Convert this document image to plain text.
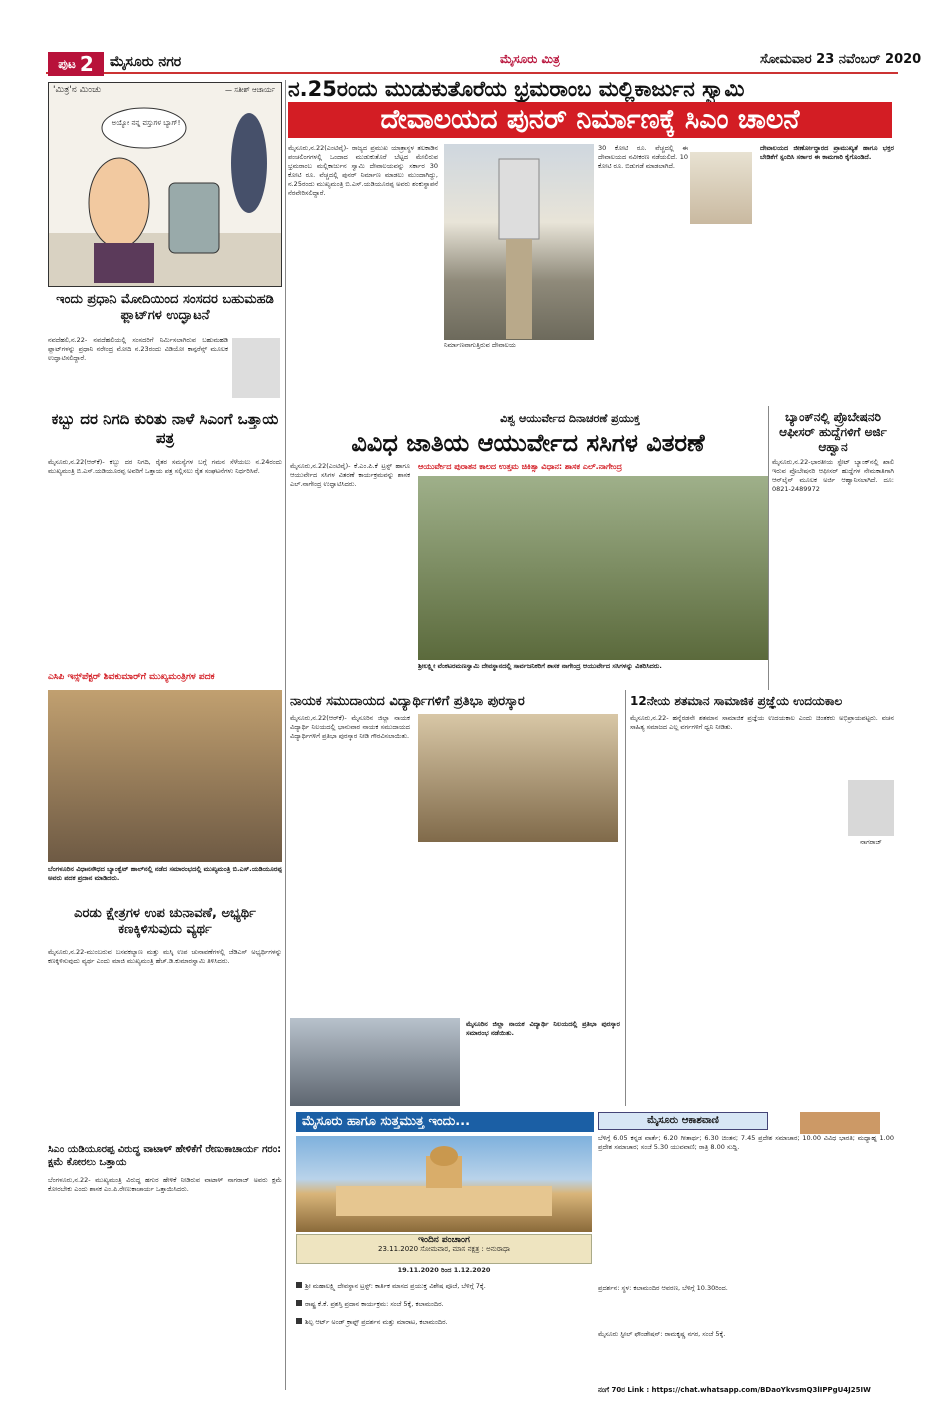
ಪುಟ 2 ಮೈಸೂರು ನಗರ	ಮೈಸೂರು ಮಿತ್ರ	ಸೋಮವಾರ 23 ನವೆಂಬರ್ 2020
'ಮಿತ್ರ'ನ ಮಿಂಚು	— ಸತೀಶ್ ಆಚಾರ್ಯ
ಅಯ್ಯೋ ನನ್ನ ವಸ್ತುಗಳ ಬ್ಯಾಗ್!
ನ.25ರಂದು ಮುಡುಕುತೊರೆಯ ಭ್ರಮರಾಂಬ ಮಲ್ಲಿಕಾರ್ಜುನ ಸ್ವಾಮಿ
ದೇವಾಲಯದ ಪುನರ್ ನಿರ್ಮಾಣಕ್ಕೆ ಸಿಎಂ ಚಾಲನೆ
ಮೈಸೂರು,ನ.22(ಎಂಟಿವೈ)- ರಾಜ್ಯದ ಪ್ರಮುಖ ಯಾತ್ರಾಸ್ಥಳ ತಲಕಾಡಿನ ಪಂಚಲಿಂಗಗಳಲ್ಲಿ ಒಂದಾದ ಮುಡುಕುತೊರೆ ಬೆಟ್ಟದ ಮೇಲಿರುವ ಭ್ರಮರಾಂಬ ಮಲ್ಲಿಕಾರ್ಜುನ ಸ್ವಾಮಿ ದೇವಾಲಯವನ್ನು ಸರ್ಕಾರ 30 ಕೋಟಿ ರೂ. ವೆಚ್ಚದಲ್ಲಿ ಪುನರ್ ನಿರ್ಮಾಣ ಮಾಡಲು ಮುಂದಾಗಿದ್ದು, ನ.25ರಂದು ಮುಖ್ಯಮಂತ್ರಿ ಬಿ.ಎಸ್.ಯಡಿಯೂರಪ್ಪ ಅವರು ಶಂಕುಸ್ಥಾಪನೆ ನೆರವೇರಿಸಲಿದ್ದಾರೆ.
ನಿರ್ಮಾಣವಾಗುತ್ತಿರುವ ದೇವಾಲಯ
30 ಕೋಟಿ ರೂ. ವೆಚ್ಚದಲ್ಲಿ ಈ ದೇವಾಲಯದ ನವೀಕರಣ ನಡೆಯಲಿದೆ. 10 ಕೋಟಿ ರೂ. ಬಿಡುಗಡೆ ಮಾಡಲಾಗಿದೆ.
ದೇವಾಲಯದ ಜೀರ್ಣೋದ್ಧಾರದ ಪ್ರಾಮುಖ್ಯತೆ ಹಾಗೂ ಭಕ್ತರ ಬೇಡಿಕೆಗೆ ಸ್ಪಂದಿಸಿ ಸರ್ಕಾರ ಈ ಕಾಮಗಾರಿ ಕೈಗೊಂಡಿದೆ.
ಇಂದು ಪ್ರಧಾನಿ ಮೋದಿಯಿಂದ ಸಂಸದರ ಬಹುಮಹಡಿ ಫ್ಲಾಟ್‌ಗಳ ಉದ್ಘಾಟನೆ
ನವದೆಹಲಿ,ನ.22- ನವದೆಹಲಿಯಲ್ಲಿ ಸಂಸದರಿಗೆ ನಿರ್ಮಿಸಲಾಗಿರುವ ಬಹುಮಹಡಿ ಫ್ಲಾಟ್‌ಗಳನ್ನು ಪ್ರಧಾನಿ ನರೇಂದ್ರ ಮೋದಿ ನ.23ರಂದು ವಿಡಿಯೋ ಕಾನ್ಫರೆನ್ಸ್ ಮೂಲಕ ಉದ್ಘಾಟಿಸಲಿದ್ದಾರೆ.
ಕಬ್ಬು ದರ ನಿಗದಿ ಕುರಿತು ನಾಳೆ ಸಿಎಂಗೆ ಒತ್ತಾಯ ಪತ್ರ
ಮೈಸೂರು,ನ.22(ಆರ್‌ಕೆ)- ಕಬ್ಬು ದರ ನಿಗದಿ, ರೈತರ ಸಮಸ್ಯೆಗಳ ಬಗ್ಗೆ ಗಮನ ಸೆಳೆಯಲು ನ.24ರಂದು ಮುಖ್ಯಮಂತ್ರಿ ಬಿ.ಎಸ್.ಯಡಿಯೂರಪ್ಪ ಅವರಿಗೆ ಒತ್ತಾಯ ಪತ್ರ ಸಲ್ಲಿಸಲು ರೈತ ಸಂಘಟನೆಗಳು ನಿರ್ಧರಿಸಿವೆ.
ಎಸಿಪಿ ಇನ್ಸ್‌ಪೆಕ್ಟರ್ ಶಿವಕುಮಾರ್‌ಗೆ ಮುಖ್ಯಮಂತ್ರಿಗಳ ಪದಕ
ಬೆಂಗಳೂರಿನ ವಿಧಾನಸೌಧದ ಬ್ಯಾಂಕ್ವೆಟ್ ಹಾಲ್‌ನಲ್ಲಿ ನಡೆದ ಸಮಾರಂಭದಲ್ಲಿ ಮುಖ್ಯಮಂತ್ರಿ ಬಿ.ಎಸ್.ಯಡಿಯೂರಪ್ಪ ಅವರು ಪದಕ ಪ್ರದಾನ ಮಾಡಿದರು.
ಎರಡು ಕ್ಷೇತ್ರಗಳ ಉಪ ಚುನಾವಣೆ, ಅಭ್ಯರ್ಥಿ ಕಣಕ್ಕಿಳಿಸುವುದು ವ್ಯರ್ಥ
ಮೈಸೂರು,ನ.22-ಮುಂಬರುವ ಬಸವಕಲ್ಯಾಣ ಮತ್ತು ಮಸ್ಕಿ ಉಪ ಚುನಾವಣೆಗಳಲ್ಲಿ ಜೆಡಿಎಸ್ ಅಭ್ಯರ್ಥಿಗಳನ್ನು ಕಣಕ್ಕಿಳಿಸುವುದು ವ್ಯರ್ಥ ಎಂದು ಮಾಜಿ ಮುಖ್ಯಮಂತ್ರಿ ಹೆಚ್.ಡಿ.ಕುಮಾರಸ್ವಾಮಿ ತಿಳಿಸಿದರು.
ಸಿಎಂ ಯಡಿಯೂರಪ್ಪ ವಿರುದ್ಧ ವಾಟಾಳ್ ಹೇಳಿಕೆಗೆ ರೇಣುಕಾಚಾರ್ಯ ಗರಂ: ಕ್ಷಮೆ ಕೋರಲು ಒತ್ತಾಯ
ಬೆಂಗಳೂರು,ನ.22- ಮುಖ್ಯಮಂತ್ರಿ ವಿರುದ್ಧ ಹಗುರ ಹೇಳಿಕೆ ನೀಡಿರುವ ವಾಟಾಳ್ ನಾಗರಾಜ್ ಅವರು ಕ್ಷಮೆ ಕೋರಬೇಕು ಎಂದು ಶಾಸಕ ಎಂ.ಪಿ.ರೇಣುಕಾಚಾರ್ಯ ಒತ್ತಾಯಿಸಿದರು.
ವಿಶ್ವ ಆಯುರ್ವೇದ ದಿನಾಚರಣೆ ಪ್ರಯುಕ್ತ
ವಿವಿಧ ಜಾತಿಯ ಆಯುರ್ವೇದ ಸಸಿಗಳ ವಿತರಣೆ
ಮೈಸೂರು,ನ.22(ಎಂಟಿವೈ)- ಕೆ.ಎಂ.ಪಿ.ಕೆ ಟ್ರಸ್ಟ್ ಹಾಗೂ ಆಯುರ್ವೇದ ಸಸಿಗಳ ವಿತರಣೆ ಕಾರ್ಯಕ್ರಮವನ್ನು ಶಾಸಕ ಎಲ್.ನಾಗೇಂದ್ರ ಉದ್ಘಾಟಿಸಿದರು.
ಆಯುರ್ವೇದ ಪುರಾತನ ಕಾಲದ ಉತ್ತಮ ಚಿಕಿತ್ಸಾ ವಿಧಾನ: ಶಾಸಕ ಎಲ್.ನಾಗೇಂದ್ರ
ಶ್ರೀಲಕ್ಷ್ಮೀ ವೆಂಕಟರಮಣಸ್ವಾಮಿ ದೇವಸ್ಥಾನದಲ್ಲಿ ಸಾರ್ವಜನಿಕರಿಗೆ ಶಾಸಕ ನಾಗೇಂದ್ರ ಆಯುರ್ವೇದ ಸಸಿಗಳನ್ನು ವಿತರಿಸಿದರು.
ಬ್ಯಾಂಕ್‌ನಲ್ಲಿ ಪ್ರೊಬೇಷನರಿ ಆಫೀಸರ್ ಹುದ್ದೆಗಳಿಗೆ ಅರ್ಜಿ ಆಹ್ವಾನ
ಮೈಸೂರು,ನ.22-ಭಾರತೀಯ ಸ್ಟೇಟ್ ಬ್ಯಾಂಕ್‌ನಲ್ಲಿ ಖಾಲಿ ಇರುವ ಪ್ರೊಬೇಷನರಿ ಆಫೀಸರ್ ಹುದ್ದೆಗಳ ನೇಮಕಾತಿಗಾಗಿ ಆನ್‌ಲೈನ್ ಮೂಲಕ ಅರ್ಜಿ ಆಹ್ವಾನಿಸಲಾಗಿದೆ. ದೂ: 0821-2489972
ನಾಯಕ ಸಮುದಾಯದ ವಿದ್ಯಾರ್ಥಿಗಳಿಗೆ ಪ್ರತಿಭಾ ಪುರಸ್ಕಾರ
ಮೈಸೂರು,ನ.22(ಆರ್‌ಕೆ)- ಮೈಸೂರಿನ ಜಿಲ್ಲಾ ನಾಯಕ ವಿದ್ಯಾರ್ಥಿ ನಿಲಯದಲ್ಲಿ ಭಾನುವಾರ ನಾಯಕ ಸಮುದಾಯದ ವಿದ್ಯಾರ್ಥಿಗಳಿಗೆ ಪ್ರತಿಭಾ ಪುರಸ್ಕಾರ ನೀಡಿ ಗೌರವಿಸಲಾಯಿತು.
ಮೈಸೂರಿನ ಜಿಲ್ಲಾ ನಾಯಕ ವಿದ್ಯಾರ್ಥಿ ನಿಲಯದಲ್ಲಿ ಪ್ರತಿಭಾ ಪುರಸ್ಕಾರ ಸಮಾರಂಭ ನಡೆಯಿತು.
12ನೇಯ ಶತಮಾನ ಸಾಮಾಜಿಕ ಪ್ರಜ್ಞೆಯ ಉದಯಕಾಲ
ಮೈಸೂರು,ನ.22- ಹನ್ನೆರಡನೇ ಶತಮಾನ ಸಾಮಾಜಿಕ ಪ್ರಜ್ಞೆಯ ಉದಯಕಾಲ ಎಂದು ಚಿಂತಕರು ಅಭಿಪ್ರಾಯಪಟ್ಟರು. ವಚನ ಸಾಹಿತ್ಯ ಸಮಾಜದ ಎಲ್ಲ ವರ್ಗಗಳಿಗೆ ಧ್ವನಿ ನೀಡಿತು.
ನಾಗರಾಜ್
ಮೈಸೂರು ಹಾಗೂ ಸುತ್ತಮುತ್ತ ಇಂದು...
ಇಂದಿನ ಪಂಚಾಂಗ
23.11.2020 ಸೋಮವಾರ, ಮಾಸ ನಕ್ಷತ್ರ : ಅನುರಾಧಾ
19.11.2020 ರಿಂದ 1.12.2020
ಮೈಸೂರು ಆಕಾಶವಾಣಿ
ಬೆಳಿಗ್ಗೆ 6.05 ಕನ್ನಡ ವಾರ್ತೆ; 6.20 ಗೀತಾರ್ಥ; 6.30 ಚಿಂತನ; 7.45 ಪ್ರದೇಶ ಸಮಾಚಾರ; 10.00 ವಿವಿಧ ಭಾರತಿ; ಮಧ್ಯಾಹ್ನ 1.00 ಪ್ರದೇಶ ಸಮಾಚಾರ; ಸಂಜೆ 5.30 ಯುವವಾಣಿ; ರಾತ್ರಿ 8.00 ಸುದ್ದಿ.
ಶ್ರೀ ಮಹಾಲಕ್ಷ್ಮಿ ದೇವಸ್ಥಾನ ಟ್ರಸ್ಟ್: ಕಾರ್ತಿಕ ಮಾಸದ ಪ್ರಯುಕ್ತ ವಿಶೇಷ ಪೂಜೆ, ಬೆಳಿಗ್ಗೆ 7ಕ್ಕೆ.
ರಾಷ್ಟ್ರ ಕೆ.ಕೆ. ಪ್ರಶಸ್ತಿ ಪ್ರದಾನ ಕಾರ್ಯಕ್ರಮ: ಸಂಜೆ 5ಕ್ಕೆ, ಕಲಾಮಂದಿರ.
ಶಿಲ್ಪ ಆರ್ಟ್ ಅಂಡ್ ಕ್ರಾಫ್ಟ್ ಪ್ರದರ್ಶನ ಮತ್ತು ಮಾರಾಟ, ಕಲಾಮಂದಿರ.
ಪ್ರದರ್ಶನ: ಸ್ಥಳ: ಕಲಾಮಂದಿರ ಆವರಣ, ಬೆಳಿಗ್ಗೆ 10.30ರಿಂದ.
ಮೈಸೂರು ಸ್ಟೀಲ್ ಫೌಂಡೇಷನ್: ರಾಮಕೃಷ್ಣ ನಗರ, ಸಂಜೆ 5ಕ್ಕೆ.
ನಂಗೆ 70ರ Link : https://chat.whatsapp.com/BDaoYkvsmQ3lIPPgU4J25IW
